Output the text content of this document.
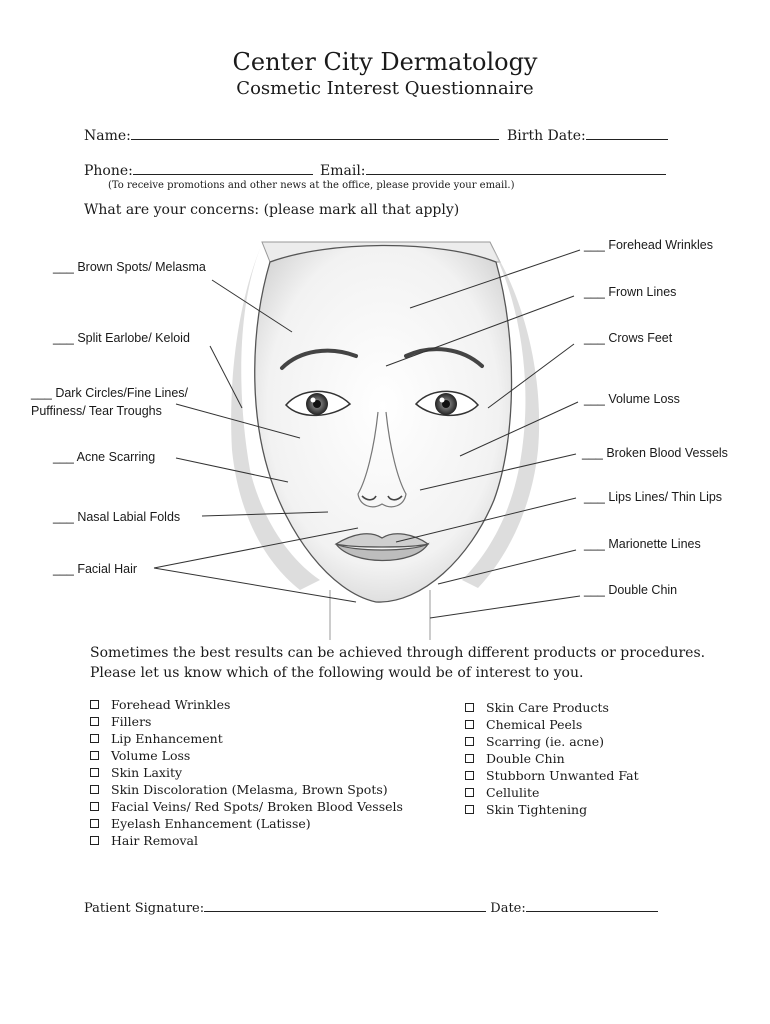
Center City Dermatology
Cosmetic Interest Questionnaire
Name:	Birth Date:
Phone:	Email:
(To receive promotions and other news at the office, please provide your email.)
What are your concerns: (please mark all that apply)
___ Brown Spots/ Melasma
___ Split Earlobe/ Keloid
___ Dark Circles/Fine Lines/
Puffiness/ Tear Troughs
___ Acne Scarring
___ Nasal Labial Folds
___ Facial Hair
___ Forehead Wrinkles
___ Frown Lines
___ Crows Feet
___ Volume Loss
___ Broken Blood Vessels
___ Lips Lines/ Thin Lips
___ Marionette Lines
___ Double Chin
Sometimes the best results can be achieved through different products or procedures. Please let us know which of the following would be of interest to you.
Forehead Wrinkles
Fillers
Lip Enhancement
Volume Loss
Skin Laxity
Skin Discoloration (Melasma, Brown Spots)
Facial Veins/ Red Spots/ Broken Blood Vessels
Eyelash Enhancement (Latisse)
Hair Removal
Skin Care Products
Chemical Peels
Scarring (ie. acne)
Double Chin
Stubborn Unwanted Fat
Cellulite
Skin Tightening
Patient Signature:	Date:
